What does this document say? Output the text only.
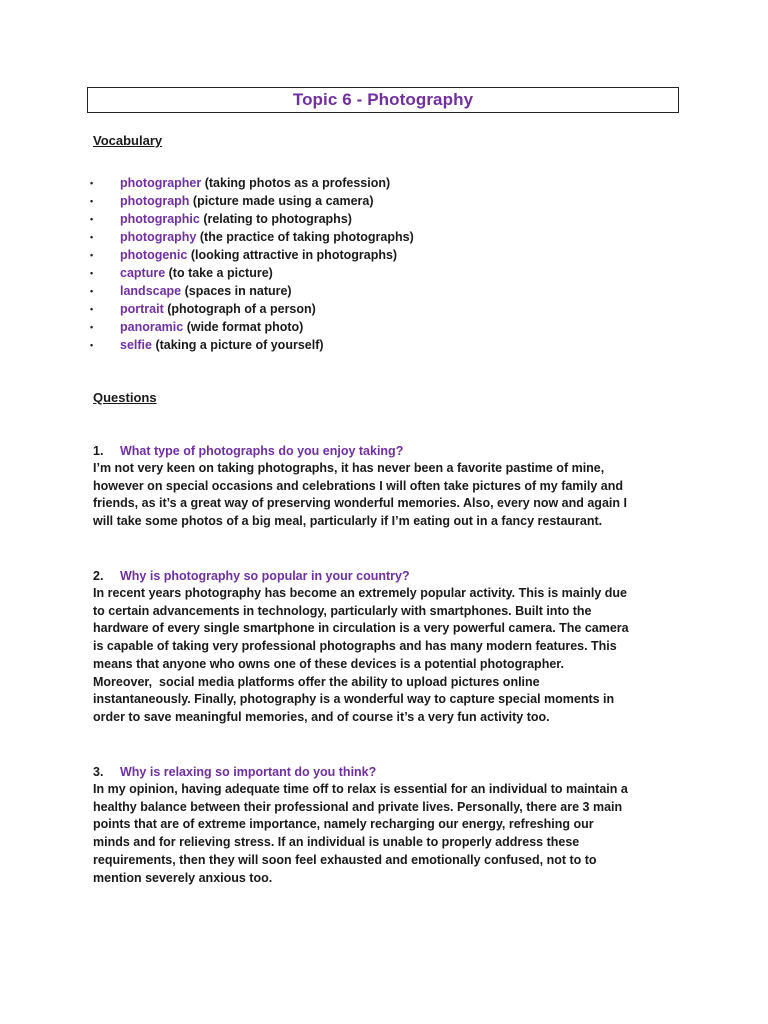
Topic 6 - Photography
Vocabulary
•	photographer (taking photos as a profession)
•	photograph (picture made using a camera)
•	photographic (relating to photographs)
•	photography (the practice of taking photographs)
•	photogenic (looking attractive in photographs)
•	capture (to take a picture)
•	landscape (spaces in nature)
•	portrait (photograph of a person)
•	panoramic (wide format photo)
•	selfie (taking a picture of yourself)
Questions
1. What type of photographs do you enjoy taking?
I’m not very keen on taking photographs, it has never been a favorite pastime of mine,
however on special occasions and celebrations I will often take pictures of my family and
friends, as it’s a great way of preserving wonderful memories. Also, every now and again I
will take some photos of a big meal, particularly if I’m eating out in a fancy restaurant.
2. Why is photography so popular in your country?
In recent years photography has become an extremely popular activity. This is mainly due
to certain advancements in technology, particularly with smartphones. Built into the
hardware of every single smartphone in circulation is a very powerful camera. The camera
is capable of taking very professional photographs and has many modern features. This
means that anyone who owns one of these devices is a potential photographer.
Moreover,  social media platforms offer the ability to upload pictures online
instantaneously. Finally, photography is a wonderful way to capture special moments in
order to save meaningful memories, and of course it’s a very fun activity too.
3. Why is relaxing so important do you think?
In my opinion, having adequate time off to relax is essential for an individual to maintain a
healthy balance between their professional and private lives. Personally, there are 3 main
points that are of extreme importance, namely recharging our energy, refreshing our
minds and for relieving stress. If an individual is unable to properly address these
requirements, then they will soon feel exhausted and emotionally confused, not to to
mention severely anxious too.
